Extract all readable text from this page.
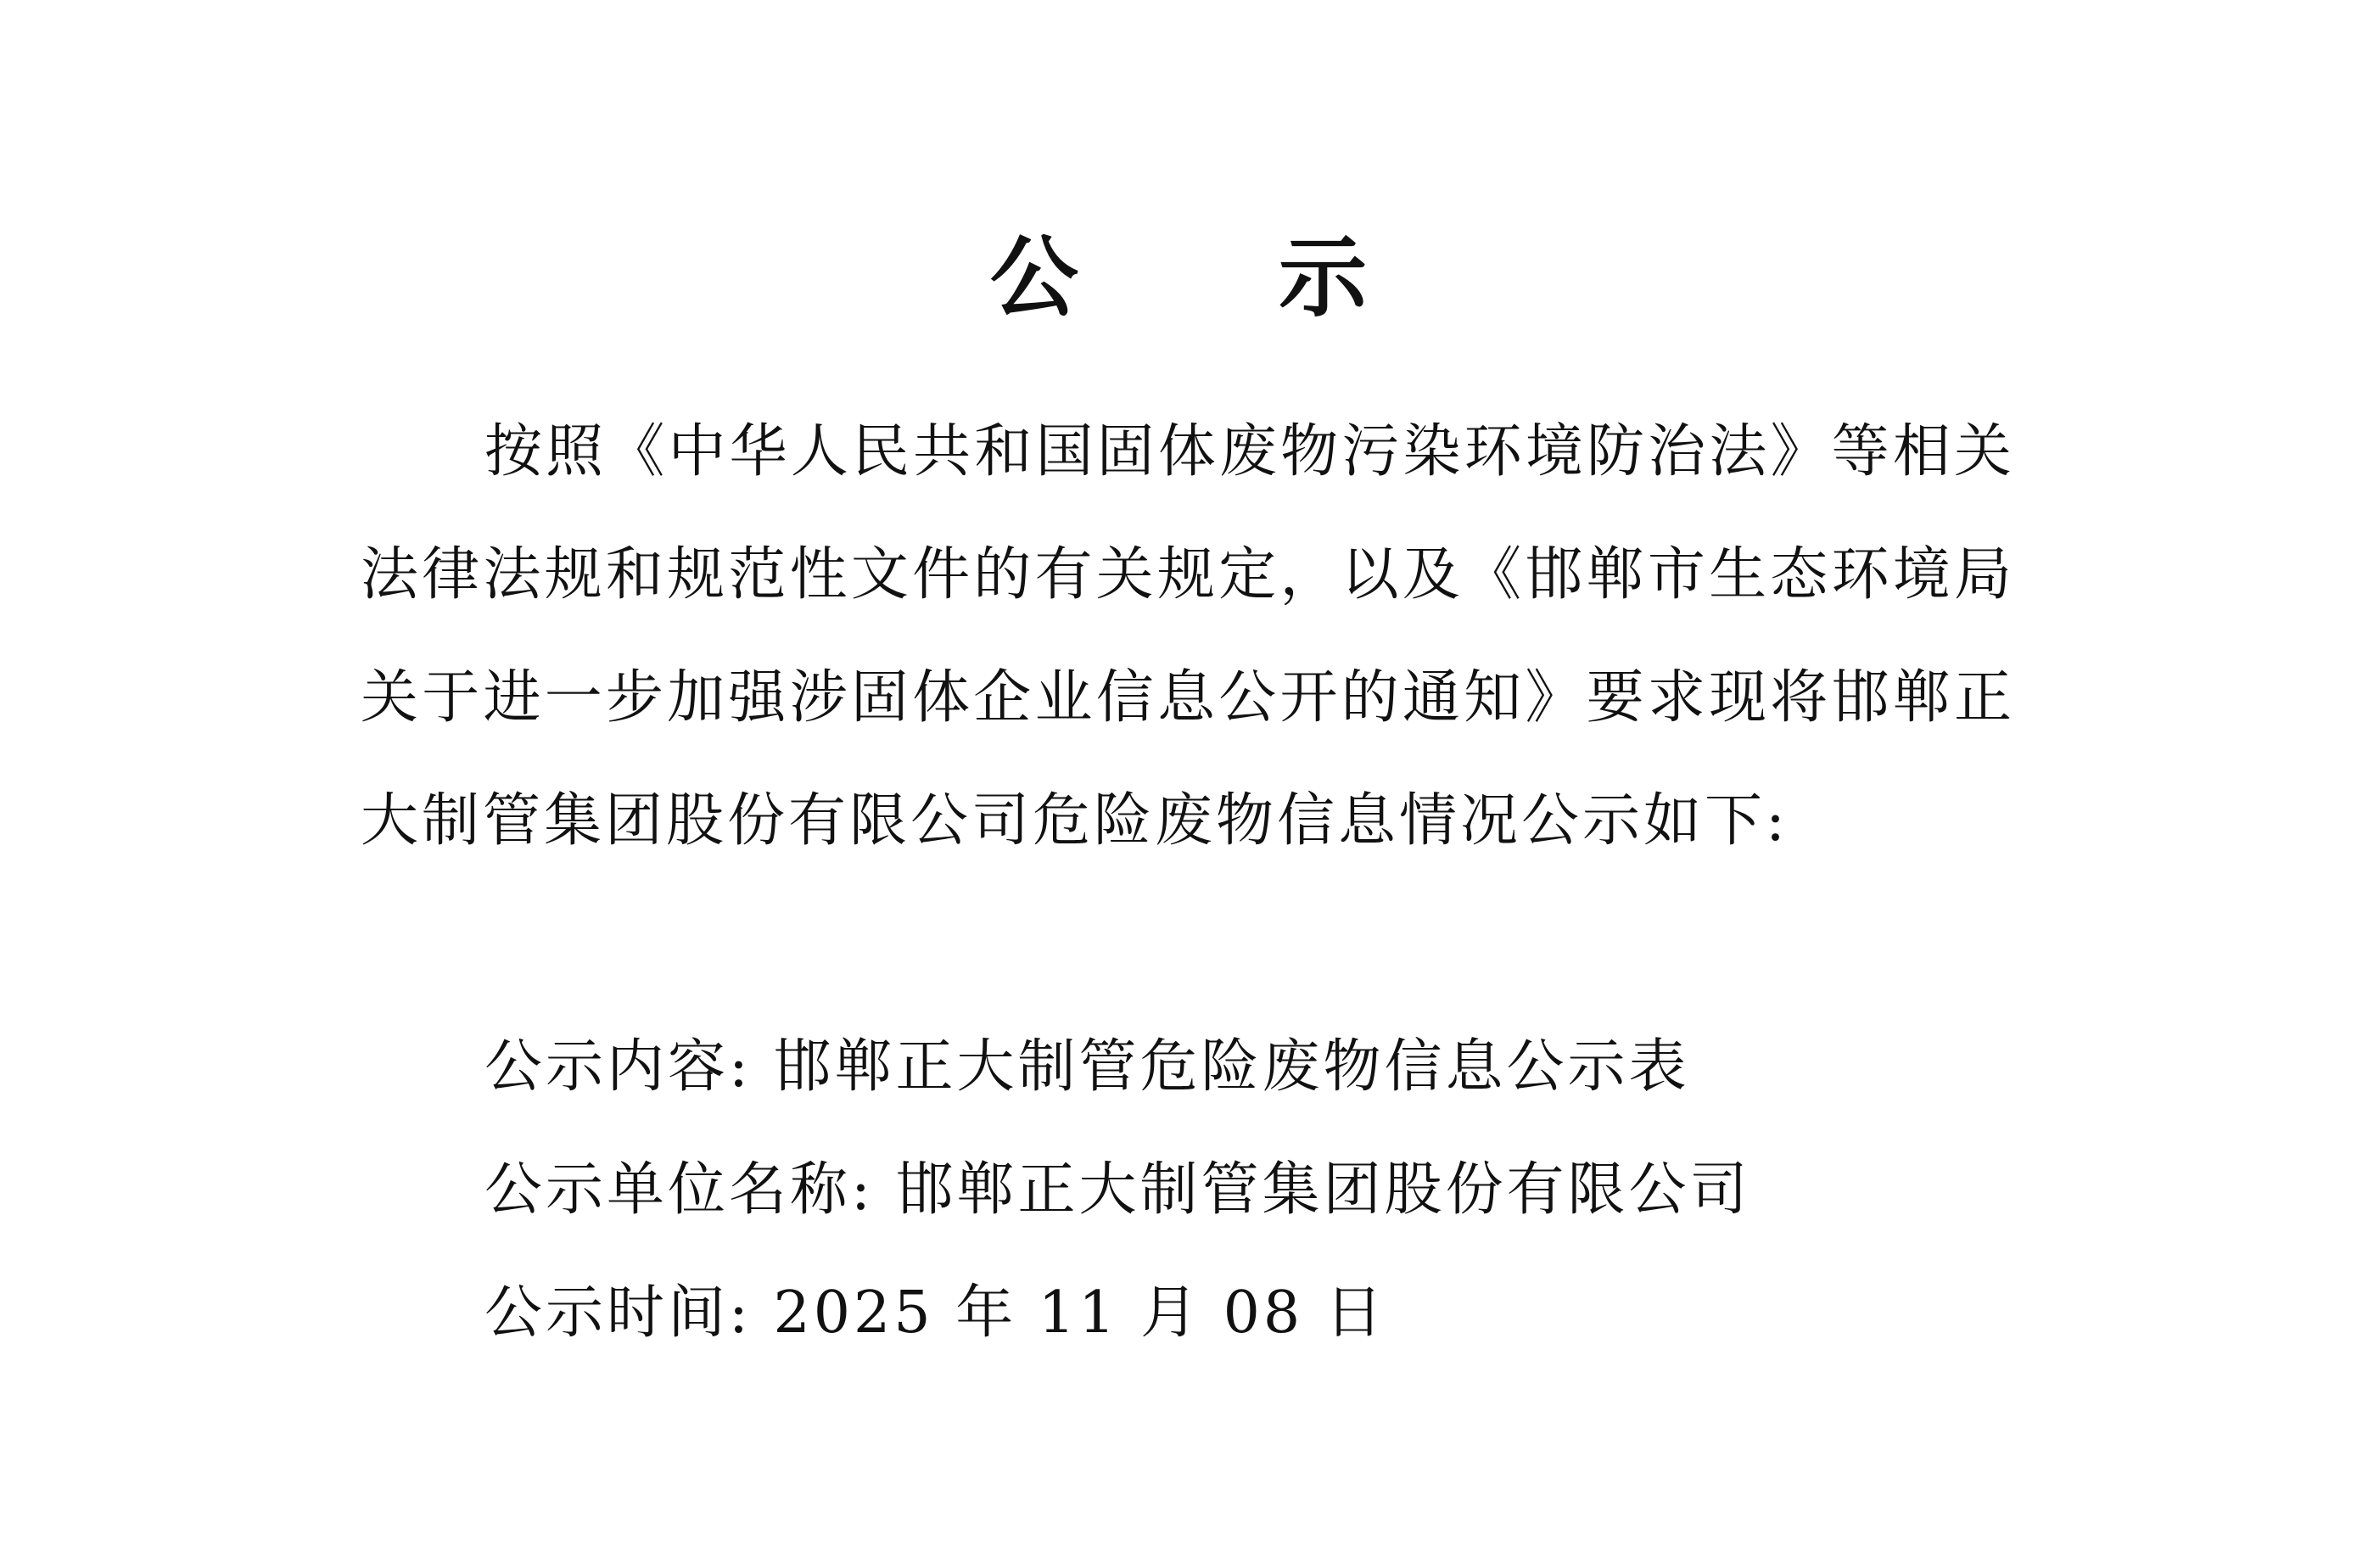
公 示
按照《中华人民共和国固体废物污染环境防治法》等相关法律法规和规范性文件的有关规定，以及《邯郸市生态环境局关于进一步加强涉固体企业信息公开的通知》要求现将邯郸正大制管集团股份有限公司危险废物信息情况公示如下:
公示内容: 邯郸正大制管危险废物信息公示表
公示单位名称: 邯郸正大制管集团股份有限公司
公示时间: 2025 年 11 月 08 日
